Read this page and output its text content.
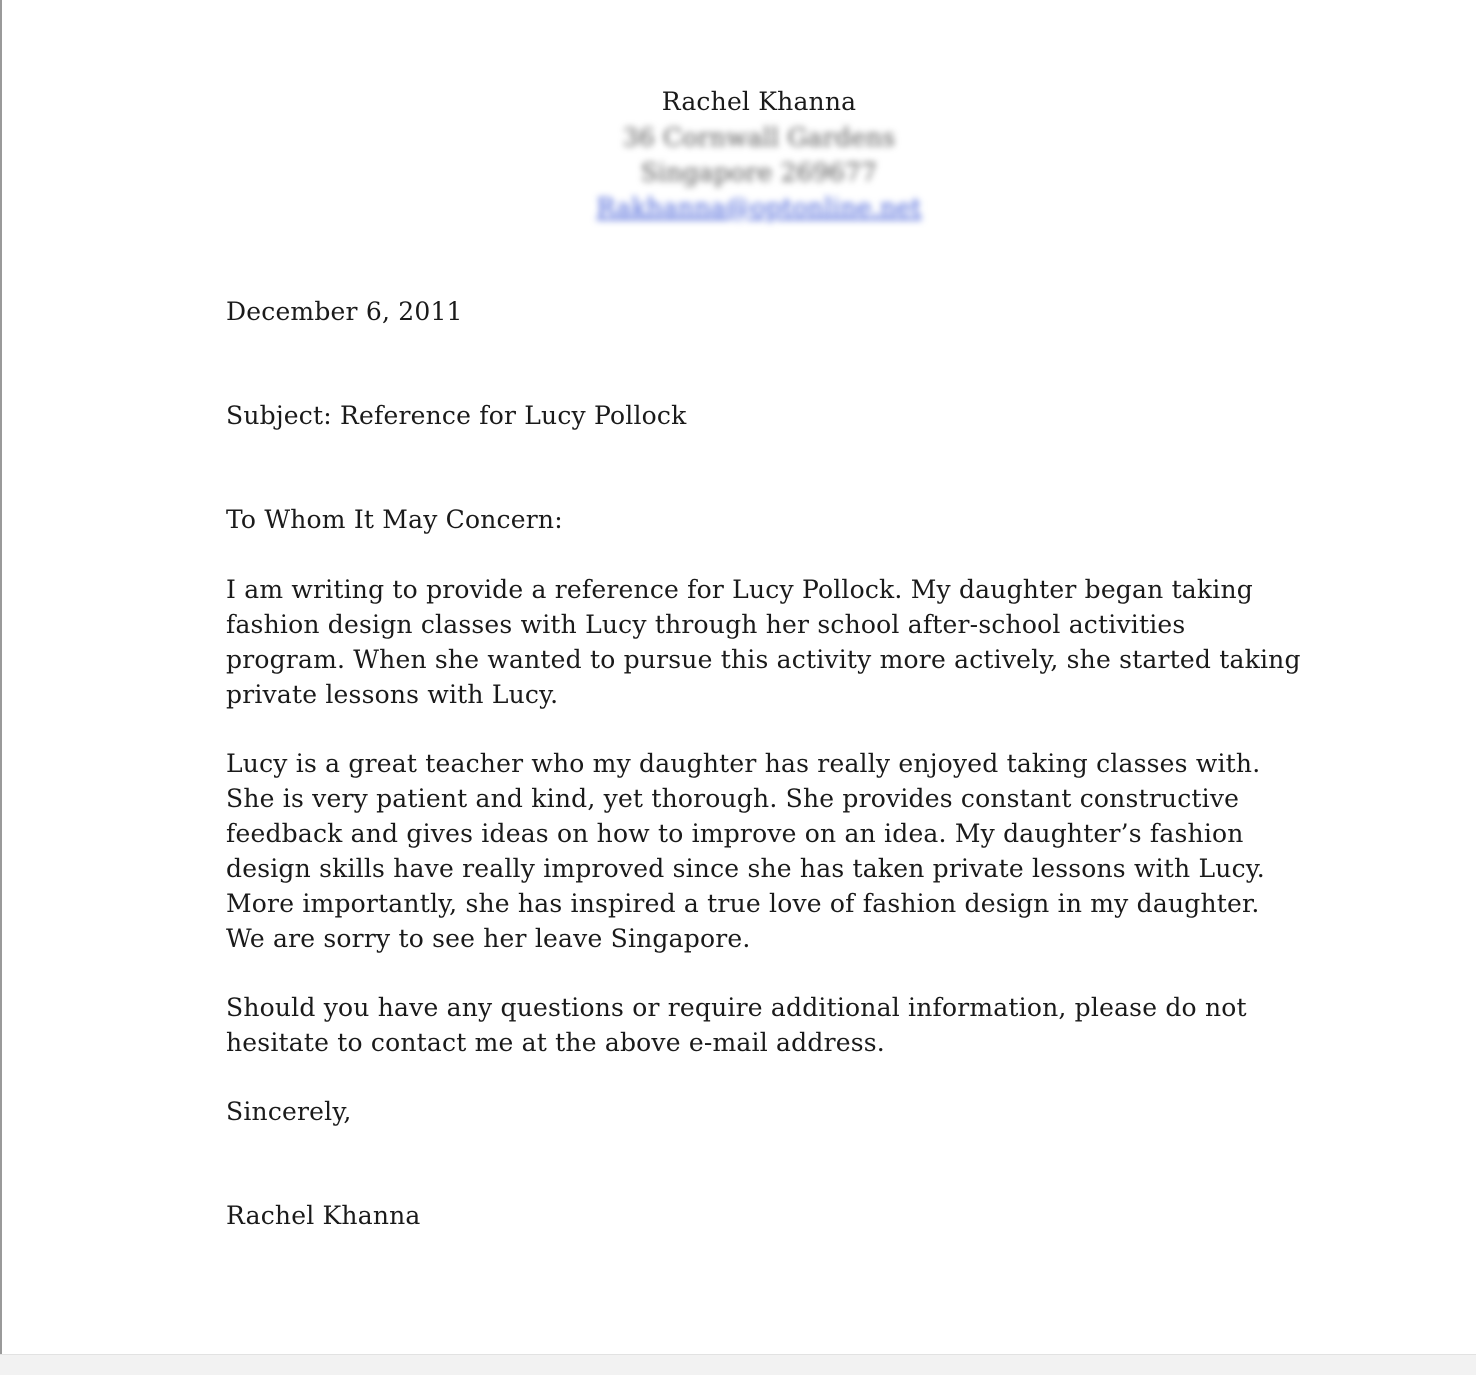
Rachel Khanna
36 Cornwall Gardens
Singapore 269677
Rakhanna@optonline.net

December 6, 2011

Subject: Reference for Lucy Pollock

To Whom It May Concern:

I am writing to provide a reference for Lucy Pollock. My daughter began taking fashion design classes with Lucy through her school after-school activities program. When she wanted to pursue this activity more actively, she started taking private lessons with Lucy.

Lucy is a great teacher who my daughter has really enjoyed taking classes with. She is very patient and kind, yet thorough. She provides constant constructive feedback and gives ideas on how to improve on an idea. My daughter’s fashion design skills have really improved since she has taken private lessons with Lucy. More importantly, she has inspired a true love of fashion design in my daughter. We are sorry to see her leave Singapore.

Should you have any questions or require additional information, please do not hesitate to contact me at the above e-mail address.

Sincerely,

Rachel Khanna
